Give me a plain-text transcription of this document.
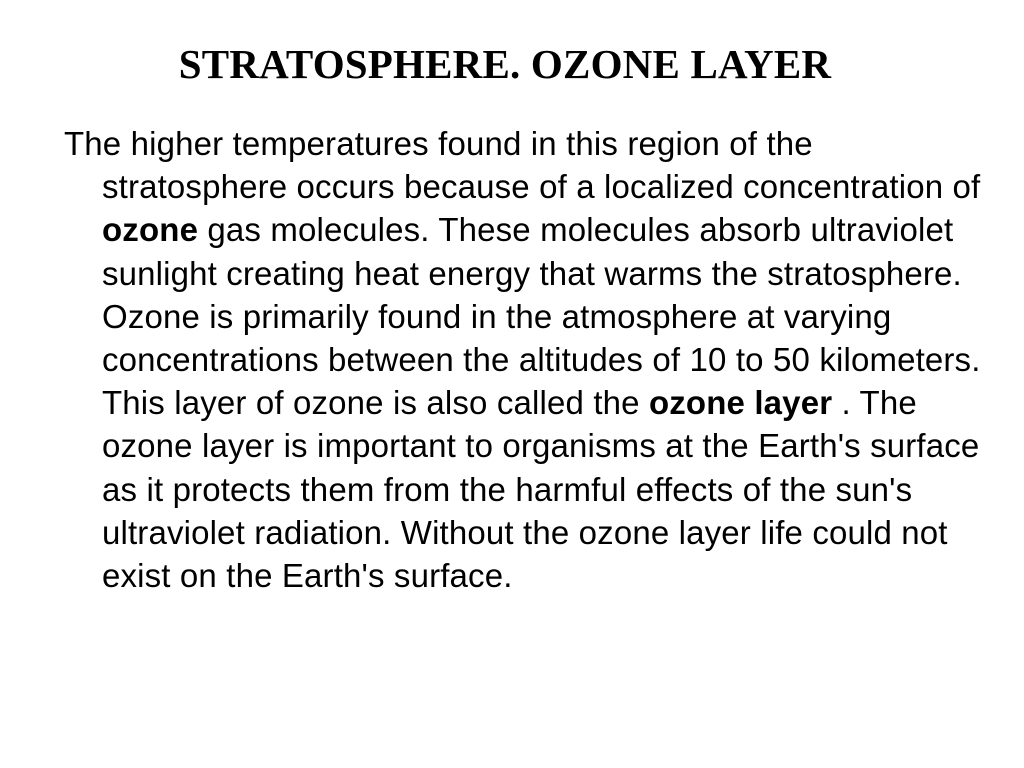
STRATOSPHERE. OZONE LAYER

The higher temperatures found in this region of the stratosphere occurs because of a localized concentration of ozone gas molecules. These molecules absorb ultraviolet sunlight creating heat energy that warms the stratosphere. Ozone is primarily found in the atmosphere at varying concentrations between the altitudes of 10 to 50 kilometers. This layer of ozone is also called the ozone layer . The ozone layer is important to organisms at the Earth's surface as it protects them from the harmful effects of the sun's ultraviolet radiation. Without the ozone layer life could not exist on the Earth's surface.
